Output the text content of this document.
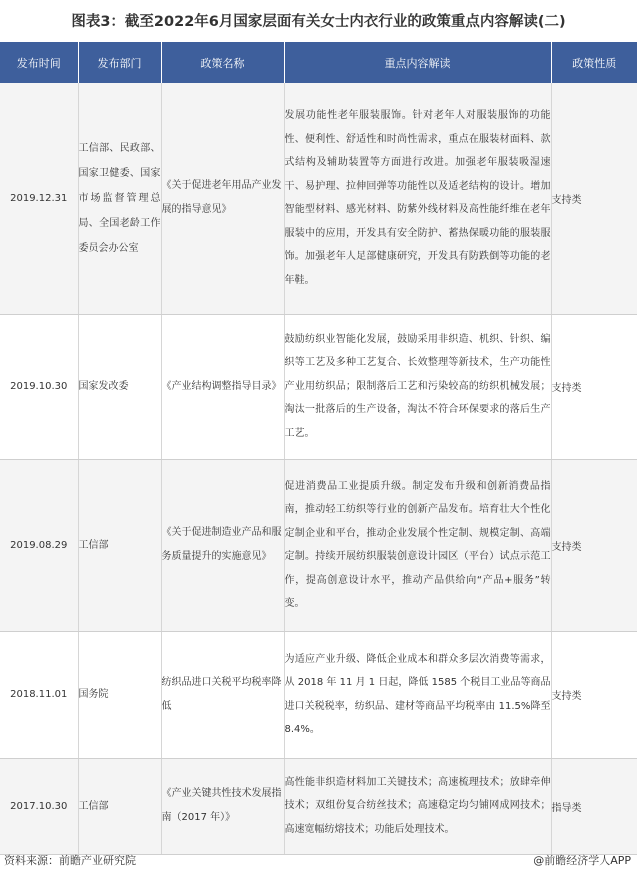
图表3：截至2022年6月国家层面有关女士内衣行业的政策重点内容解读(二)
发布时间	发布部门	政策名称	重点内容解读	政策性质
2019.12.31	工信部、民政部、国家卫健委、国家市场监督管理总局、全国老龄工作委员会办公室	《关于促进老年用品产业发展的指导意见》	发展功能性老年服装服饰。针对老年人对服装服饰的功能性、便利性、舒适性和时尚性需求，重点在服装材面料、款式结构及辅助装置等方面进行改进。加强老年服装吸湿速干、易护理、拉伸回弹等功能性以及适老结构的设计。增加智能型材料、感光材料、防紫外线材料及高性能纤维在老年服装中的应用，开发具有安全防护、蓄热保暖功能的服装服饰。加强老年人足部健康研究，开发具有防跌倒等功能的老年鞋。	支持类
2019.10.30	国家发改委	《产业结构调整指导目录》	鼓励纺织业智能化发展，鼓励采用非织造、机织、针织、编织等工艺及多种工艺复合、长效整理等新技术，生产功能性产业用纺织品；限制落后工艺和污染较高的纺织机械发展；淘汰一批落后的生产设备，淘汰不符合环保要求的落后生产工艺。	支持类
2019.08.29	工信部	《关于促进制造业产品和服务质量提升的实施意见》	促进消费品工业提质升级。制定发布升级和创新消费品指南，推动轻工纺织等行业的创新产品发布。培育壮大个性化定制企业和平台，推动企业发展个性定制、规模定制、高端定制。持续开展纺织服装创意设计园区（平台）试点示范工作，提高创意设计水平，推动产品供给向“产品+服务”转变。	支持类
2018.11.01	国务院	纺织品进口关税平均税率降低	为适应产业升级、降低企业成本和群众多层次消费等需求，从 2018 年 11 月 1 日起，降低 1585 个税目工业品等商品进口关税税率，纺织品、建材等商品平均税率由 11.5%降至 8.4%。	支持类
2017.10.30	工信部	《产业关键共性技术发展指南（2017 年）》	高性能非织造材料加工关键技术；高速梳理技术；放肆牵伸技术；双组份复合纺丝技术；高速稳定均匀铺网成网技术；高速宽幅纺熔技术；功能后处理技术。	指导类
资料来源：前瞻产业研究院	@前瞻经济学人APP
